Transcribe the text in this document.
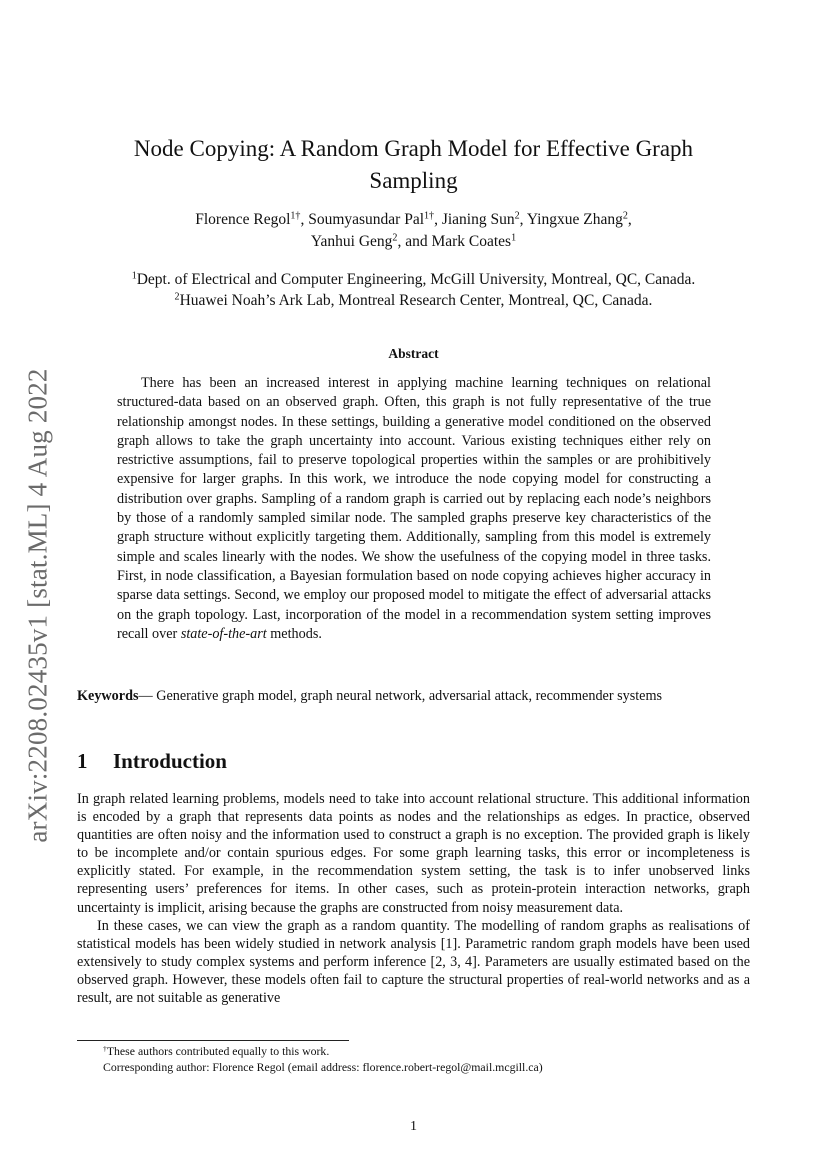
arXiv:2208.02435v1 [stat.ML] 4 Aug 2022
Node Copying: A Random Graph Model for Effective Graph
Sampling
Florence Regol$^{1\dagger}$, Soumyasundar Pal$^{1\dagger}$, Jianing Sun$^2$, Yingxue Zhang$^2$,
Yanhui Geng$^2$, and Mark Coates$^1$
$^1$Dept. of Electrical and Computer Engineering, McGill University, Montreal, QC, Canada.
$^2$Huawei Noah’s Ark Lab, Montreal Research Center, Montreal, QC, Canada.
Abstract

There has been an increased interest in applying machine learning techniques on relational structured-data based on an observed graph. Often, this graph is not fully representative of the true relationship amongst nodes. In these settings, building a generative model conditioned on the observed graph allows to take the graph uncertainty into account. Various existing techniques either rely on restrictive assumptions, fail to preserve topological properties within the samples or are prohibitively expensive for larger graphs. In this work, we introduce the node copying model for constructing a distribution over graphs. Sampling of a random graph is carried out by replacing each node’s neighbors by those of a randomly sampled similar node. The sampled graphs preserve key characteristics of the graph structure without explicitly targeting them. Additionally, sampling from this model is extremely simple and scales linearly with the nodes. We show the usefulness of the copying model in three tasks. First, in node classification, a Bayesian formulation based on node copying achieves higher accuracy in sparse data settings. Second, we employ our proposed model to mitigate the effect of adversarial attacks on the graph topology. Last, incorporation of the model in a recommendation system setting improves recall over state-of-the-art methods.

Keywords— Generative graph model, graph neural network, adversarial attack, recommender systems

1 Introduction

In graph related learning problems, models need to take into account relational structure. This additional information is encoded by a graph that represents data points as nodes and the relationships as edges. In practice, observed quantities are often noisy and the information used to construct a graph is no exception. The provided graph is likely to be incomplete and/or contain spurious edges. For some graph learning tasks, this error or incompleteness is explicitly stated. For example, in the recommendation system setting, the task is to infer unobserved links representing users’ preferences for items. In other cases, such as protein-protein interaction networks, graph uncertainty is implicit, arising because the graphs are constructed from noisy measurement data.

In these cases, we can view the graph as a random quantity. The modelling of random graphs as realisations of statistical models has been widely studied in network analysis [1]. Parametric random graph models have been used extensively to study complex systems and perform inference [2, 3, 4]. Parameters are usually estimated based on the observed graph. However, these models often fail to capture the structural properties of real-world networks and as a result, are not suitable as generative

†These authors contributed equally to this work.
Corresponding author: Florence Regol (email address: florence.robert-regol@mail.mcgill.ca)
1
